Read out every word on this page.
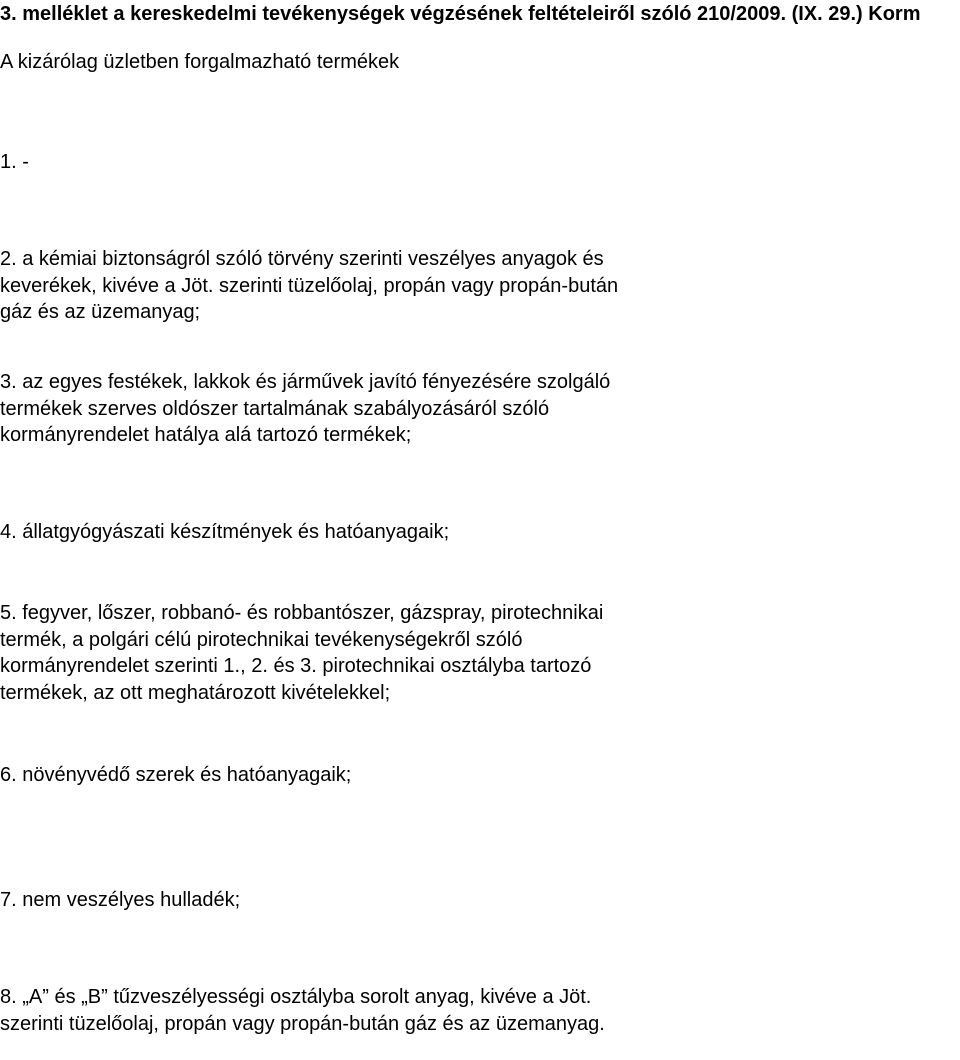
3. melléklet a kereskedelmi tevékenységek végzésének feltételeiről szóló 210/2009. (IX. 29.) Korm
A kizárólag üzletben forgalmazható termékek

1. -

2. a kémiai biztonságról szóló törvény szerinti veszélyes anyagok és keverékek, kivéve a Jöt. szerinti tüzelőolaj, propán vagy propán-bután gáz és az üzemanyag;

3. az egyes festékek, lakkok és járművek javító fényezésére szolgáló termékek szerves oldószer tartalmának szabályozásáról szóló kormányrendelet hatálya alá tartozó termékek;

4. állatgyógyászati készítmények és hatóanyagaik;

5. fegyver, lőszer, robbanó- és robbantószer, gázspray, pirotechnikai termék, a polgári célú pirotechnikai tevékenységekről szóló kormányrendelet szerinti 1., 2. és 3. pirotechnikai osztályba tartozó termékek, az ott meghatározott kivételekkel;

6. növényvédő szerek és hatóanyagaik;

7. nem veszélyes hulladék;

8. „A” és „B” tűzveszélyességi osztályba sorolt anyag, kivéve a Jöt. szerinti tüzelőolaj, propán vagy propán-bután gáz és az üzemanyag.
